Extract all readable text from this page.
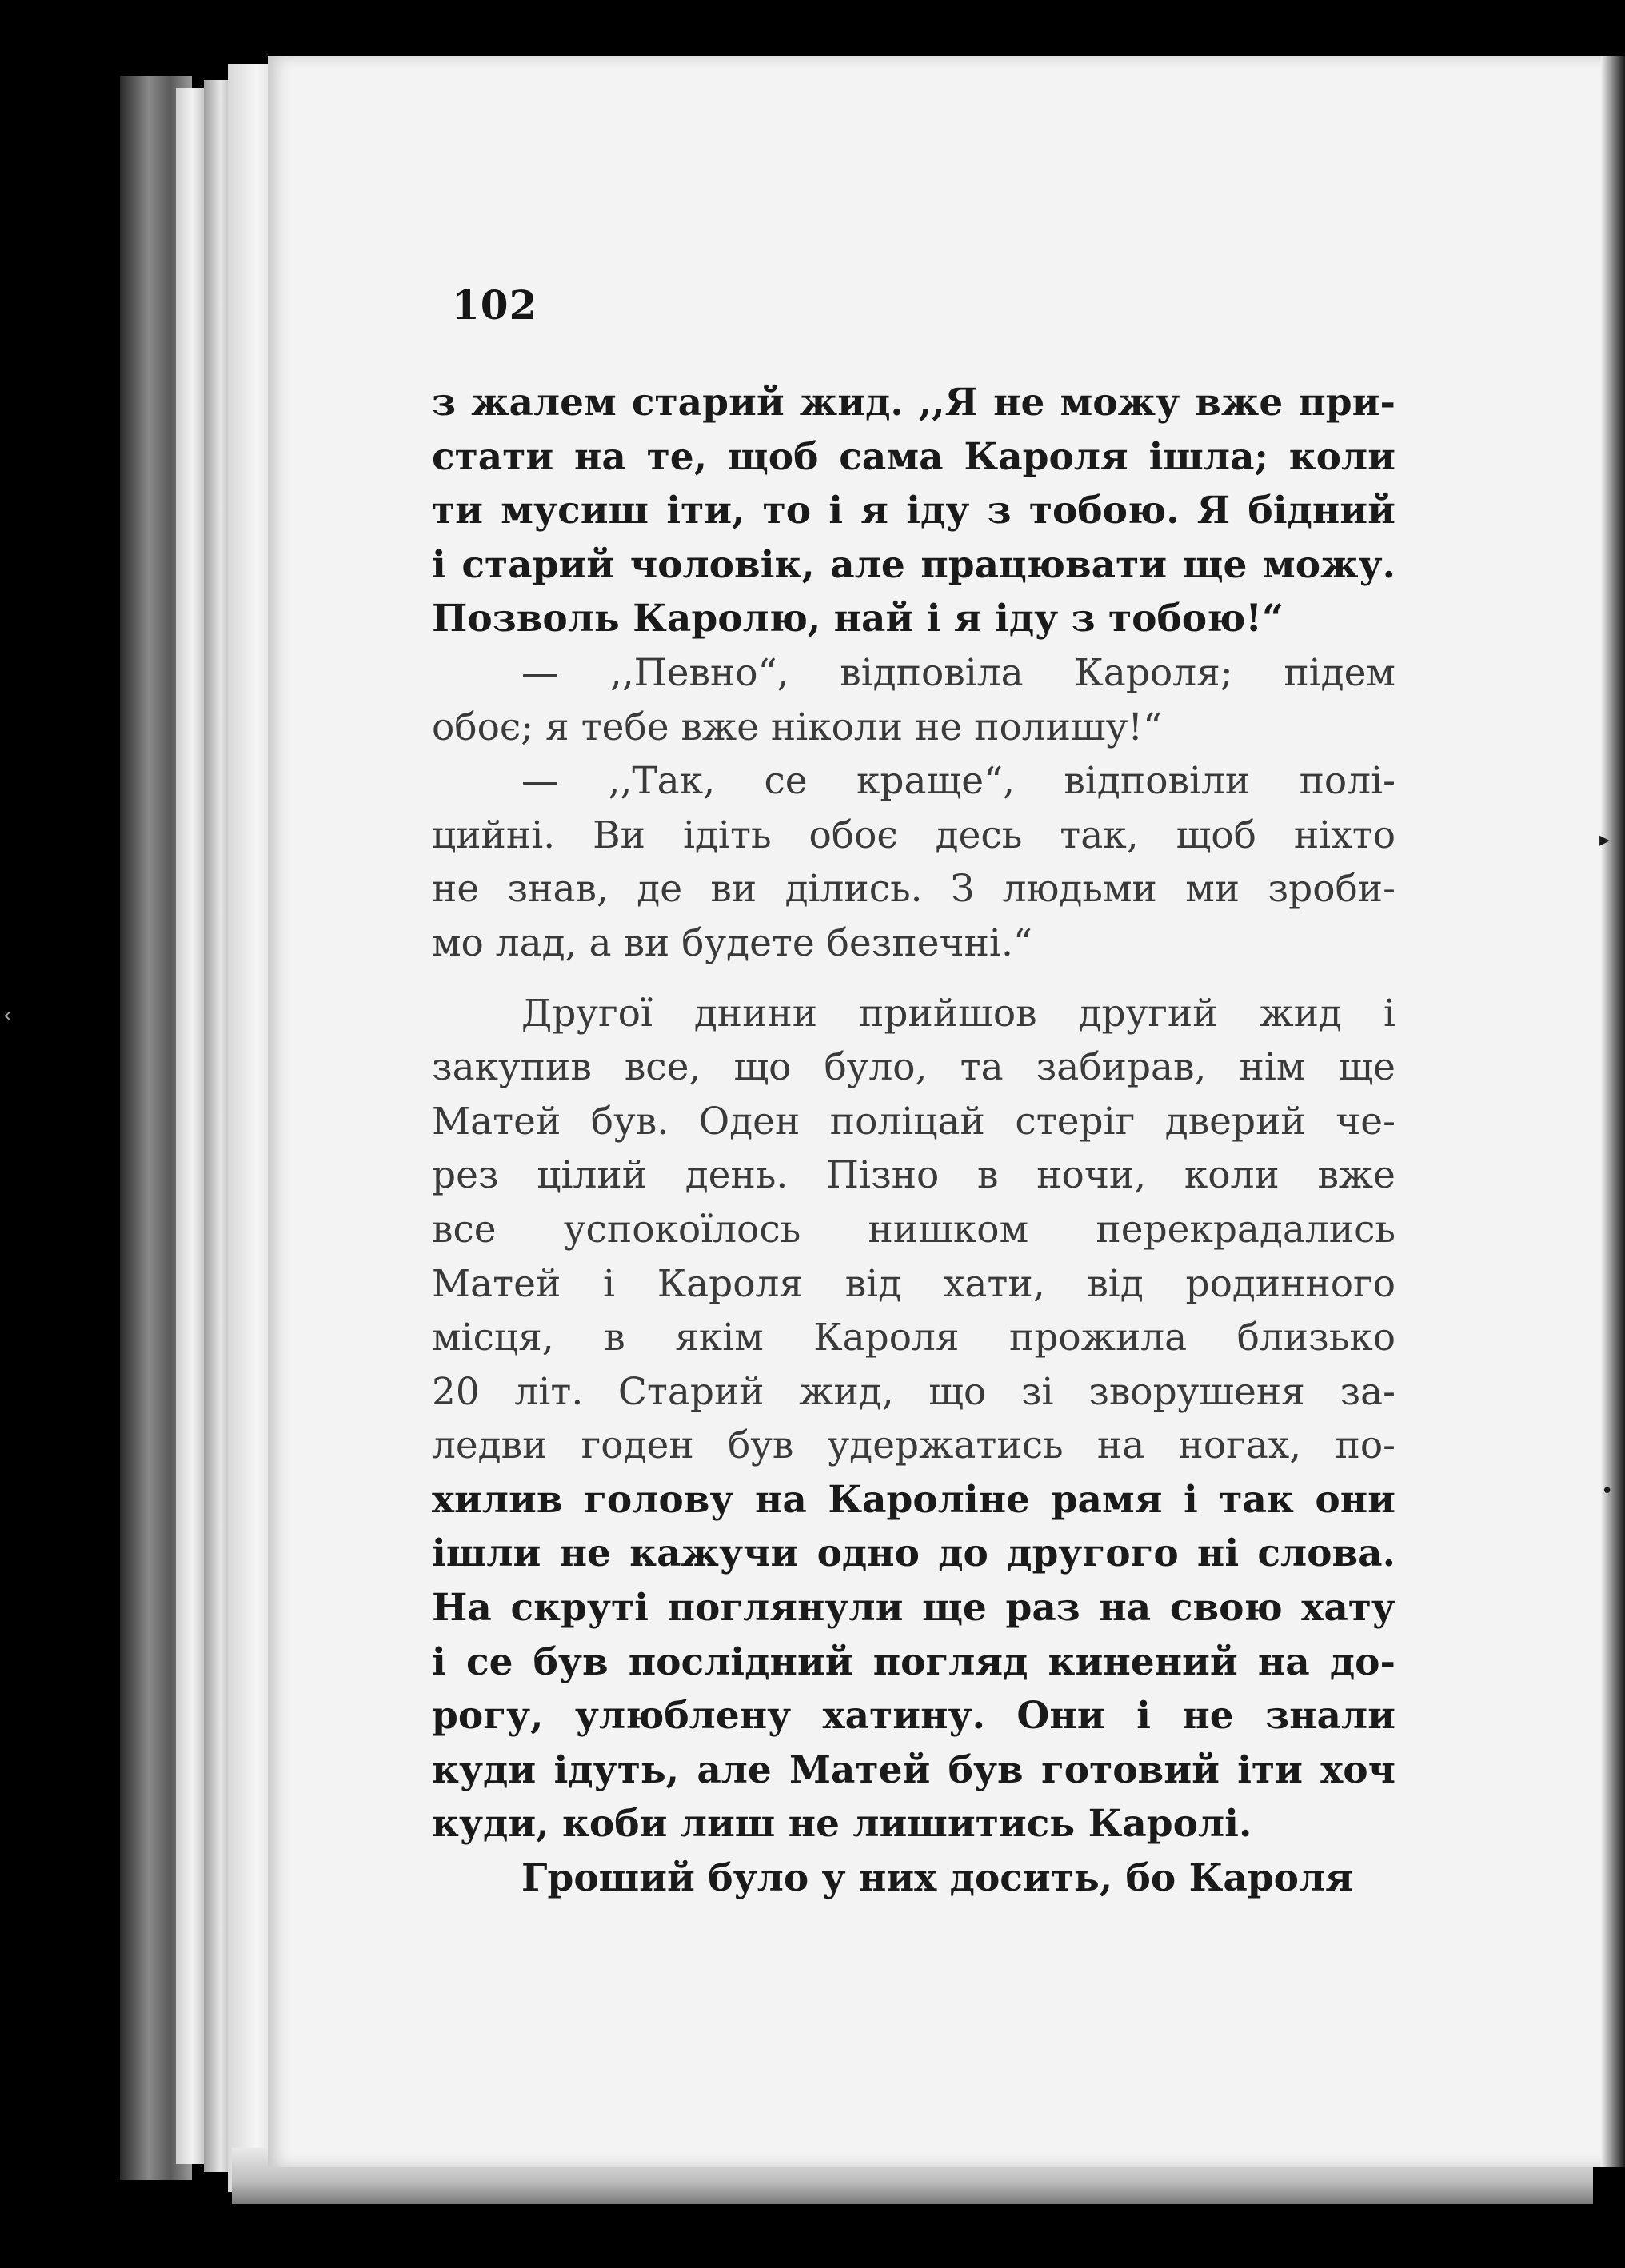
102
з жалем старий жид. ,,Я не можу вже при-
стати на те, щоб сама Кароля ішла; коли
ти мусиш іти, то і я іду з тобою. Я бідний
і старий чоловік, але працювати ще можу.
Позволь Каролю, най і я іду з тобою!“
— ,,Певно“, відповіла Кароля; підем
обоє; я тебе вже ніколи не полишу!“
— ,,Так, се краще“, відповіли полі-
цийні. Ви ідіть обоє десь так, щоб ніхто
не знав, де ви ділись. З людьми ми зроби-
мо лад, а ви будете безпечні.“
Другої днини прийшов другий жид і
закупив все, що було, та забирав, нім ще
Матей був. Оден поліцай стеріг дверий че-
рез цілий день. Пізно в ночи, коли вже
все успокоїлось нишком перекрадались
Матей і Кароля від хати, від родинного
місця, в якім Кароля прожила близько
20 літ. Старий жид, що зі зворушеня за-
ледви годен був удержатись на ногах, по-
хилив голову на Кароліне рамя і так они
ішли не кажучи одно до другого ні слова.
На скруті поглянули ще раз на свою хату
і се був послідний погляд кинений на до-
рогу, улюблену хатину. Они і не знали
куди ідуть, але Матей був готовий іти хоч
куди, коби лиш не лишитись Каролі.
Гроший було у них досить, бо Кароля
▸
•
‹
